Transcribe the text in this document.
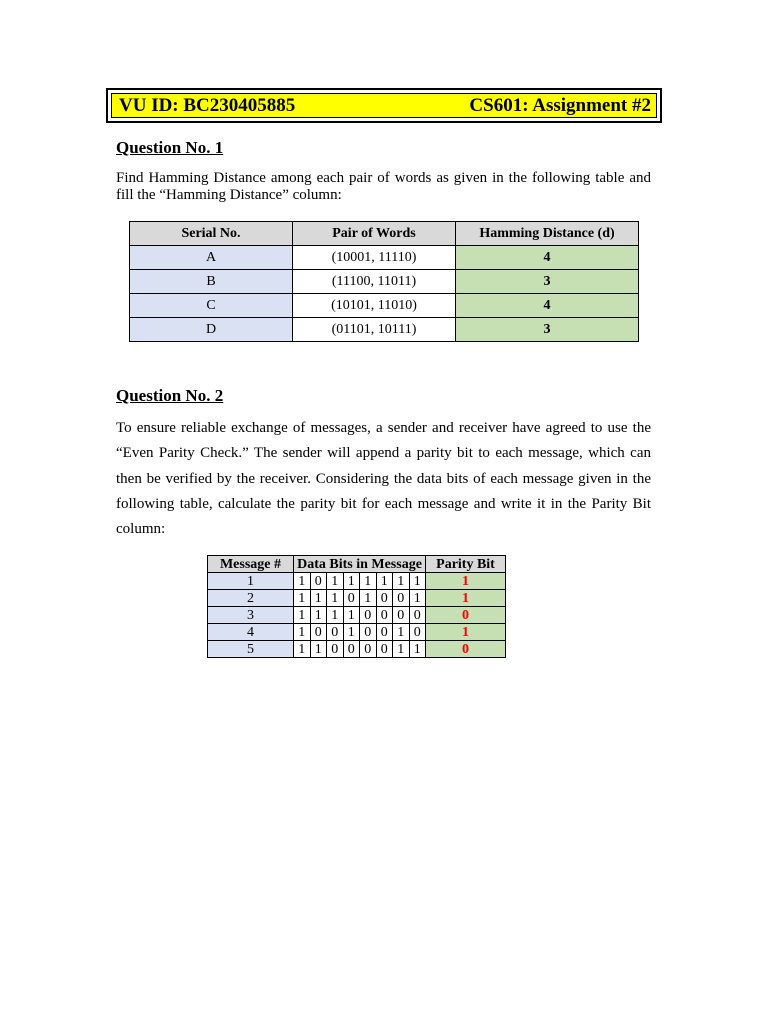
VU ID: BC230405885	CS601: Assignment #2
Question No. 1
Find Hamming Distance among each pair of words as given in the following table and fill the “Hamming Distance” column:
Serial No.	Pair of Words	Hamming Distance (d)
A	(10001, 11110)	4
B	(11100, 11011)	3
C	(10101, 11010)	4
D	(01101, 10111)	3
Question No. 2
To ensure reliable exchange of messages, a sender and receiver have agreed to use the “Even Parity Check.” The sender will append a parity bit to each message, which can then be verified by the receiver. Considering the data bits of each message given in the following table, calculate the parity bit for each message and write it in the Parity Bit column:
Message #	Data Bits in Message								Parity Bit
1	1	0	1	1	1	1	1	1	1
2	1	1	1	0	1	0	0	1	1
3	1	1	1	1	0	0	0	0	0
4	1	0	0	1	0	0	1	0	1
5	1	1	0	0	0	0	1	1	0
